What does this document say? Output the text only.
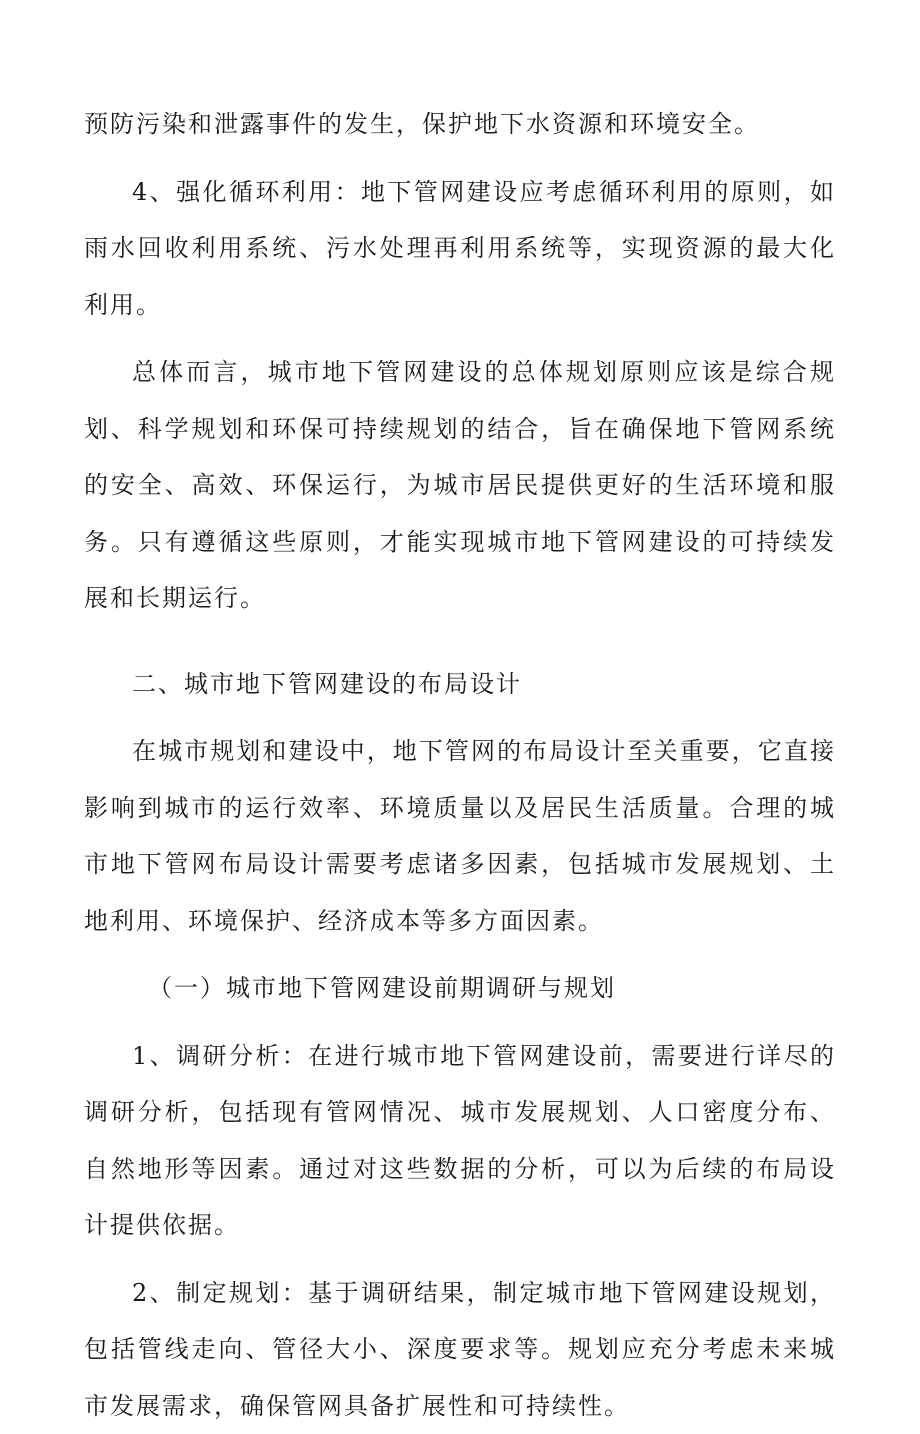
预防污染和泄露事件的发生，保护地下水资源和环境安全。

4、强化循环利用：地下管网建设应考虑循环利用的原则，如雨水回收利用系统、污水处理再利用系统等，实现资源的最大化利用。

总体而言，城市地下管网建设的总体规划原则应该是综合规划、科学规划和环保可持续规划的结合，旨在确保地下管网系统的安全、高效、环保运行，为城市居民提供更好的生活环境和服务。只有遵循这些原则，才能实现城市地下管网建设的可持续发展和长期运行。

二、城市地下管网建设的布局设计

在城市规划和建设中，地下管网的布局设计至关重要，它直接影响到城市的运行效率、环境质量以及居民生活质量。合理的城市地下管网布局设计需要考虑诸多因素，包括城市发展规划、土地利用、环境保护、经济成本等多方面因素。

（一）城市地下管网建设前期调研与规划

1、调研分析：在进行城市地下管网建设前，需要进行详尽的调研分析，包括现有管网情况、城市发展规划、人口密度分布、自然地形等因素。通过对这些数据的分析，可以为后续的布局设计提供依据。

2、制定规划：基于调研结果，制定城市地下管网建设规划，包括管线走向、管径大小、深度要求等。规划应充分考虑未来城市发展需求，确保管网具备扩展性和可持续性。
